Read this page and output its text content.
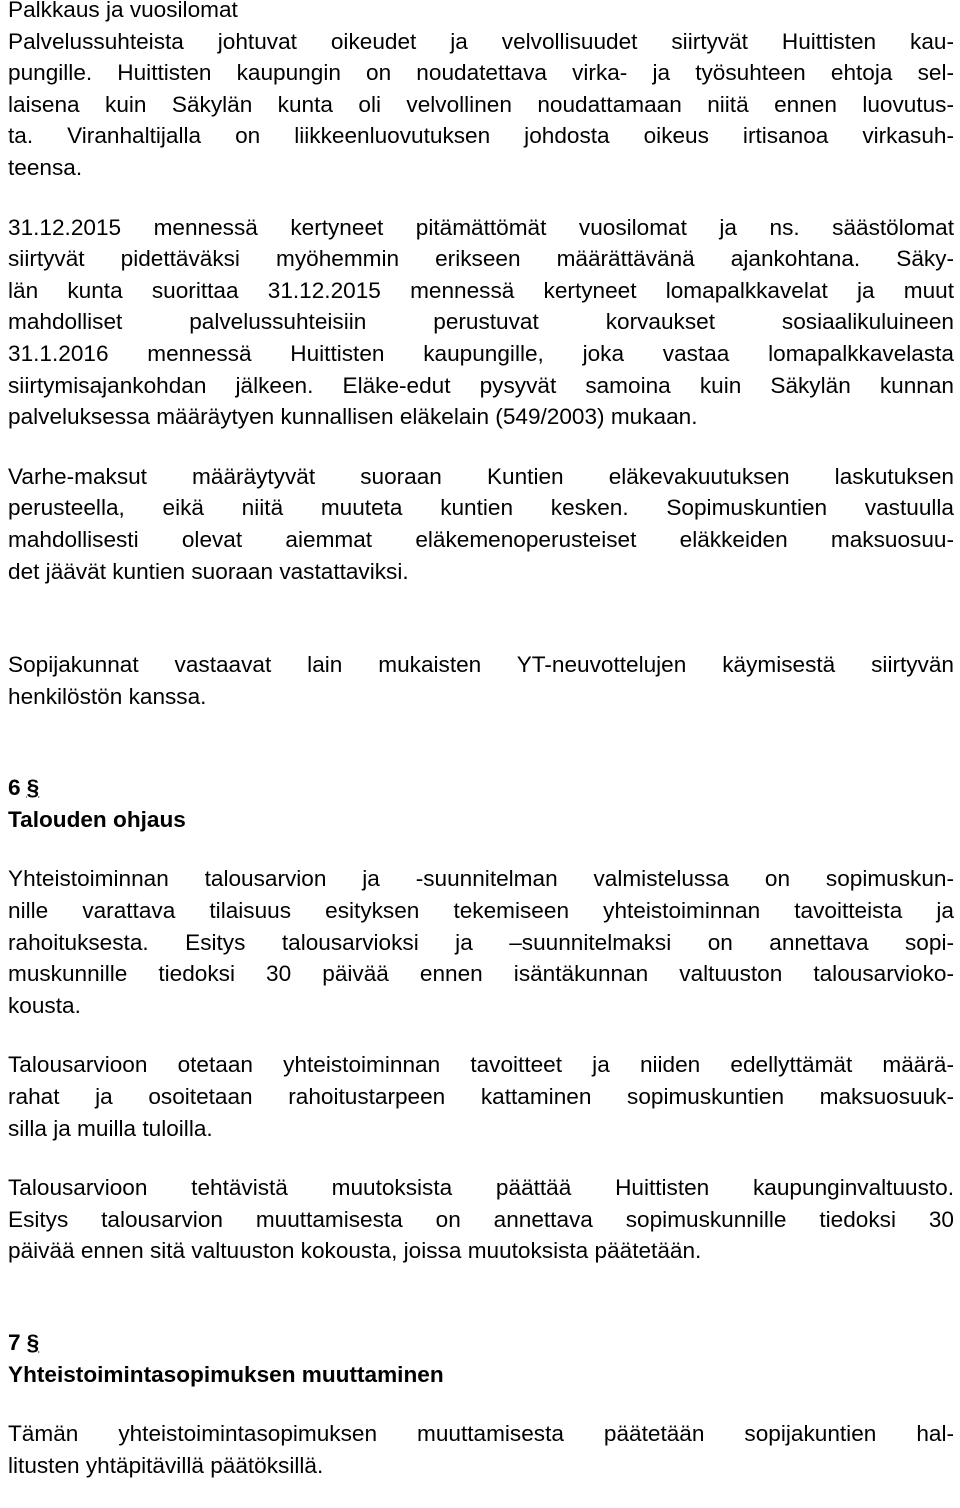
Palkkaus ja vuosilomat
Palvelussuhteista johtuvat oikeudet ja velvollisuudet siirtyvät Huittisten kau-
pungille. Huittisten kaupungin on noudatettava virka- ja työsuhteen ehtoja sel-
laisena kuin Säkylän kunta oli velvollinen noudattamaan niitä ennen luovutus-
ta. Viranhaltijalla on liikkeenluovutuksen johdosta oikeus irtisanoa virkasuh-
teensa.
31.12.2015 mennessä kertyneet pitämättömät vuosilomat ja ns. säästölomat
siirtyvät pidettäväksi myöhemmin erikseen määrättävänä ajankohtana. Säky-
län kunta suorittaa 31.12.2015 mennessä kertyneet lomapalkkavelat ja muut
mahdolliset palvelussuhteisiin perustuvat korvaukset sosiaalikuluineen
31.1.2016 mennessä Huittisten kaupungille, joka vastaa lomapalkkavelasta
siirtymisajankohdan jälkeen. Eläke-edut pysyvät samoina kuin Säkylän kunnan
palveluksessa määräytyen kunnallisen eläkelain (549/2003) mukaan.
Varhe-maksut määräytyvät suoraan Kuntien eläkevakuutuksen laskutuksen
perusteella, eikä niitä muuteta kuntien kesken. Sopimuskuntien vastuulla
mahdollisesti olevat aiemmat eläkemenoperusteiset eläkkeiden maksuosuu-
det jäävät kuntien suoraan vastattaviksi.
Sopijakunnat vastaavat lain mukaisten YT-neuvottelujen käymisestä siirtyvän
henkilöstön kanssa.
6 §
Talouden ohjaus
Yhteistoiminnan talousarvion ja -suunnitelman valmistelussa on sopimuskun-
nille varattava tilaisuus esityksen tekemiseen yhteistoiminnan tavoitteista ja
rahoituksesta. Esitys talousarvioksi ja –suunnitelmaksi on annettava sopi-
muskunnille tiedoksi 30 päivää ennen isäntäkunnan valtuuston talousarvioko-
kousta.
Talousarvioon otetaan yhteistoiminnan tavoitteet ja niiden edellyttämät määrä-
rahat ja osoitetaan rahoitustarpeen kattaminen sopimuskuntien maksuosuuk-
silla ja muilla tuloilla.
Talousarvioon tehtävistä muutoksista päättää Huittisten kaupunginvaltuusto.
Esitys talousarvion muuttamisesta on annettava sopimuskunnille tiedoksi 30
päivää ennen sitä valtuuston kokousta, joissa muutoksista päätetään.
7 §
Yhteistoimintasopimuksen muuttaminen
Tämän yhteistoimintasopimuksen muuttamisesta päätetään sopijakuntien hal-
litusten yhtäpitävillä päätöksillä.
